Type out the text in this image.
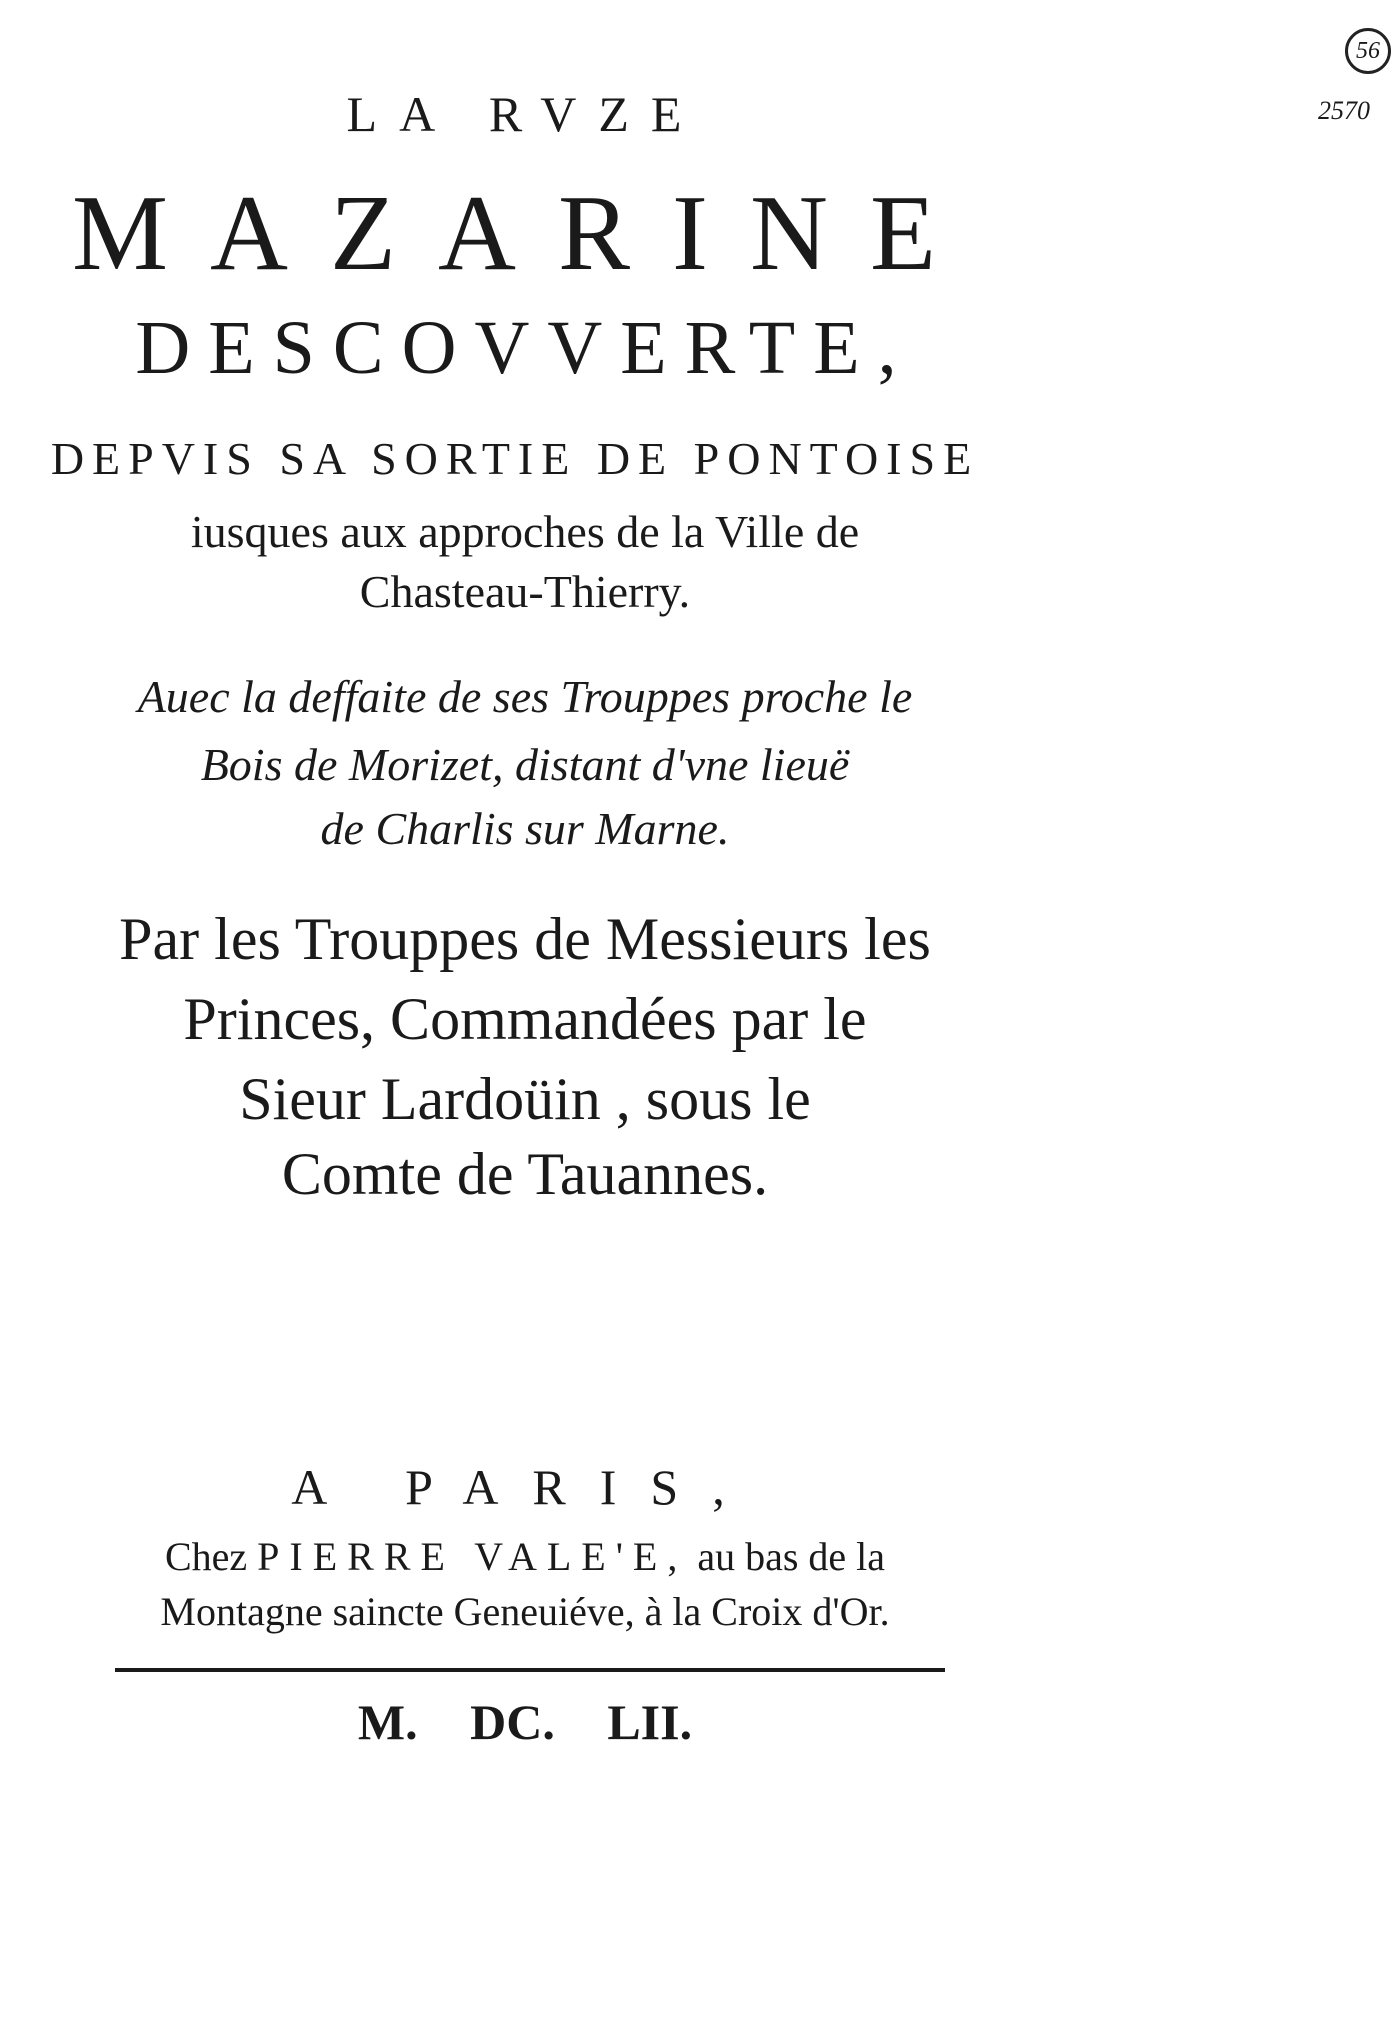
56
2570
LA RVZE
MAZARINE
DESCOVVERTE,
DEPVIS SA SORTIE DE PONTOISE
iusques aux approches de la Ville de
Chasteau-Thierry.
Auec la deffaite de ses Trouppes proche le
Bois de Morizet, distant d'vne lieuë
de Charlis sur Marne.
Par les Trouppes de Messieurs les
Princes, Commandées par le
Sieur Lardoüin , sous le
Comte de Tauannes.
A PARIS,
Chez PIERRE VALE'E, au bas de la
Montagne saincte Geneuiéve, à la Croix d'Or.
M. DC. LII.
